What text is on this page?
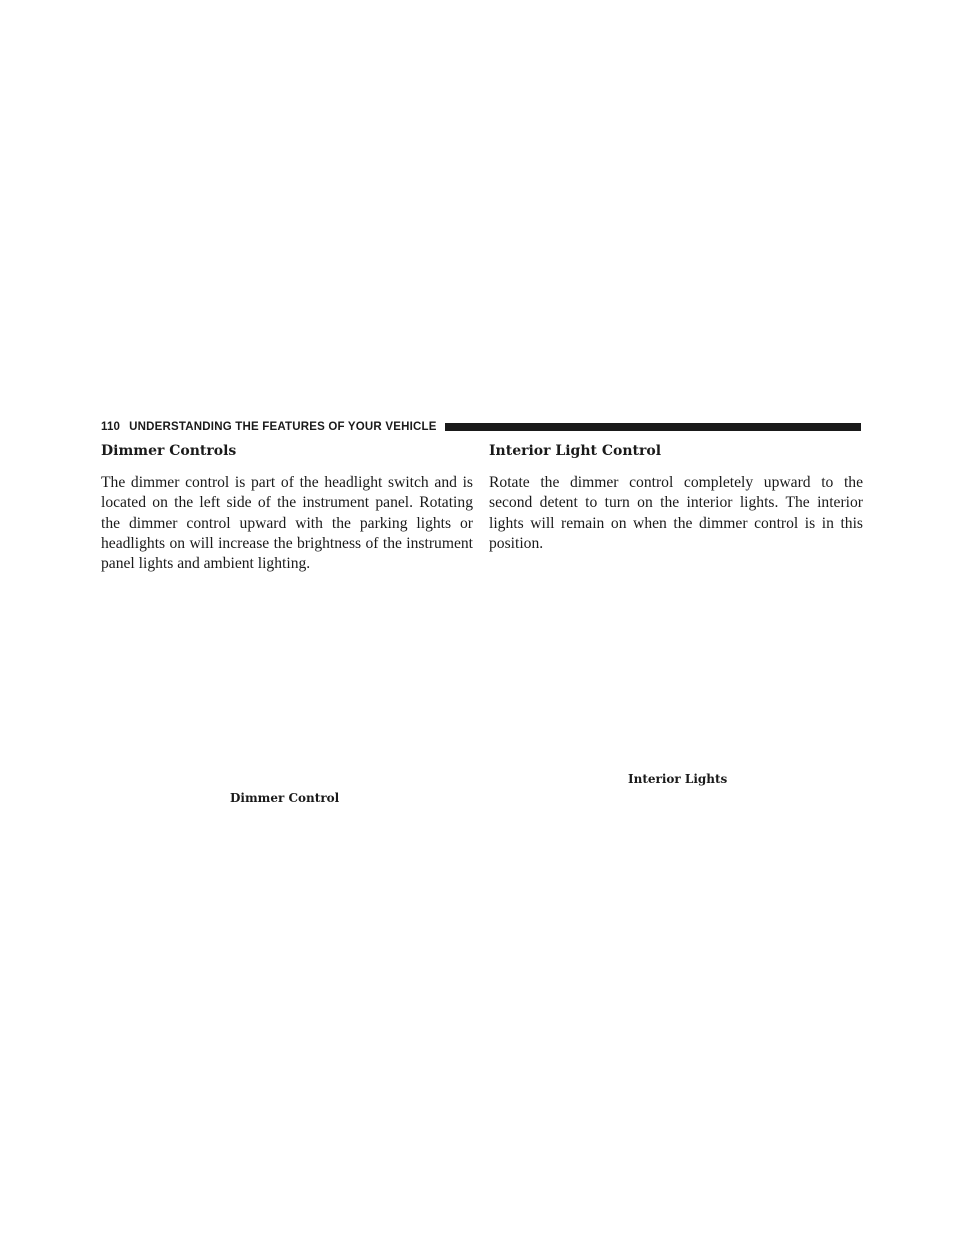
110 UNDERSTANDING THE FEATURES OF YOUR VEHICLE
Dimmer Controls

The dimmer control is part of the headlight switch and is located on the left side of the instrument panel. Rotating the dimmer control upward with the parking lights or headlights on will increase the brightness of the instrument panel lights and ambient lighting.

Interior Light Control

Rotate the dimmer control completely upward to the second detent to turn on the interior lights. The interior lights will remain on when the dimmer control is in this position.

Dimmer Control
Interior Lights
